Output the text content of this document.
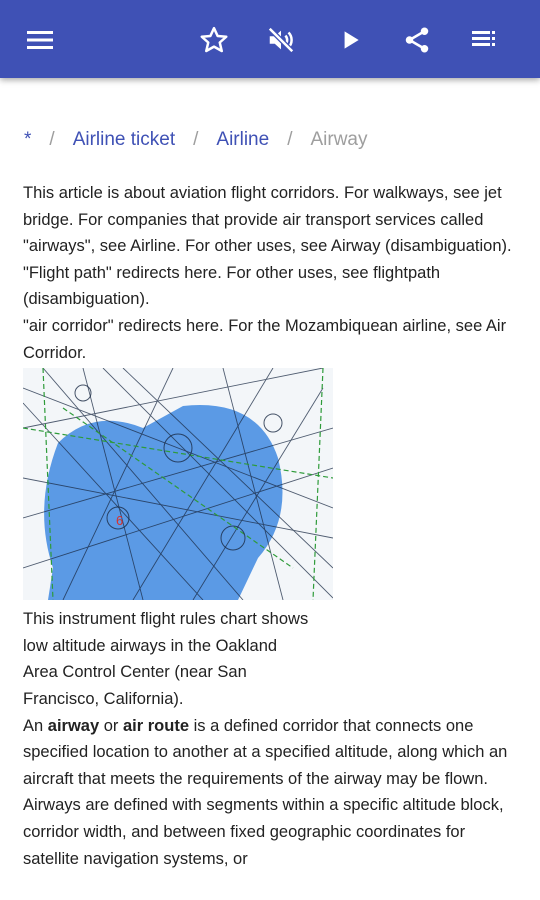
* / Airline ticket / Airline / Airway

This article is about aviation flight corridors. For walkways, see jet bridge. For companies that provide air transport services called "airways", see Airline. For other uses, see Airway (disambiguation).

"Flight path" redirects here. For other uses, see flightpath (disambiguation).

"air corridor" redirects here. For the Mozambiquean airline, see Air Corridor.

6

This instrument flight rules chart shows low altitude airways in the Oakland Area Control Center (near San Francisco, California).

An airway or air route is a defined corridor that connects one specified location to another at a specified altitude, along which an aircraft that meets the requirements of the airway may be flown. Airways are defined with segments within a specific altitude block, corridor width, and between fixed geographic coordinates for satellite navigation systems, or
